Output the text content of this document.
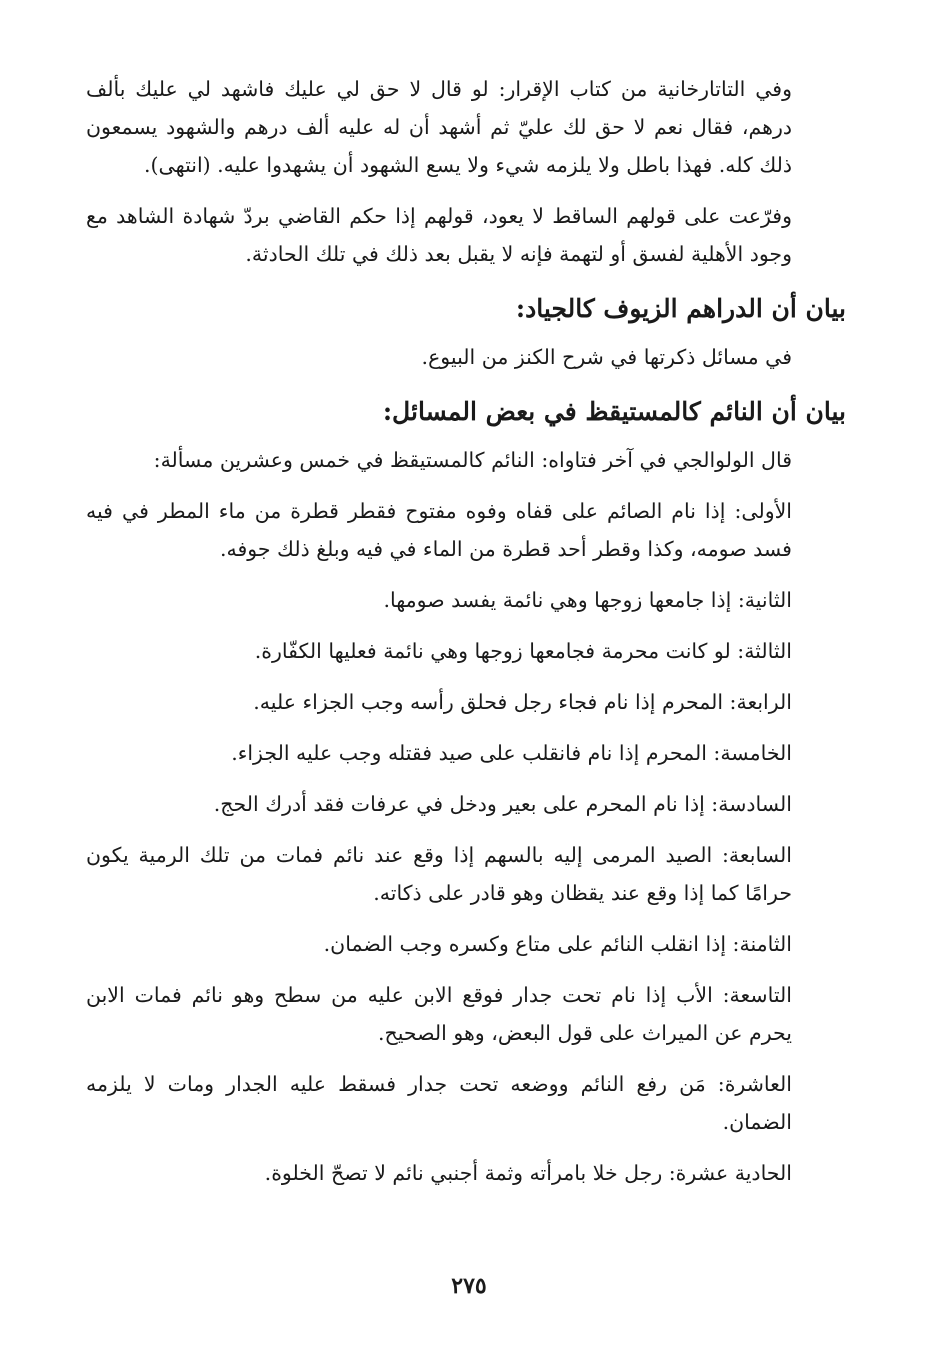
وفي التاتارخانية من كتاب الإقرار: لو قال لا حق لي عليك فاشهد لي عليك بألف درهم، فقال نعم لا حق لك عليّ ثم أشهد أن له عليه ألف درهم والشهود يسمعون ذلك كله. فهذا باطل ولا يلزمه شيء ولا يسع الشهود أن يشهدوا عليه. (انتهى).

وفرّعت على قولهم الساقط لا يعود، قولهم إذا حكم القاضي بردّ شهادة الشاهد مع وجود الأهلية لفسق أو لتهمة فإنه لا يقبل بعد ذلك في تلك الحادثة.

بيان أن الدراهم الزيوف كالجياد:

في مسائل ذكرتها في شرح الكنز من البيوع.

بيان أن النائم كالمستيقظ في بعض المسائل:

قال الولوالجي في آخر فتاواه: النائم كالمستيقظ في خمس وعشرين مسألة:

الأولى: إذا نام الصائم على قفاه وفوه مفتوح فقطر قطرة من ماء المطر في فيه فسد صومه، وكذا وقطر أحد قطرة من الماء في فيه وبلغ ذلك جوفه.

الثانية: إذا جامعها زوجها وهي نائمة يفسد صومها.

الثالثة: لو كانت محرمة فجامعها زوجها وهي نائمة فعليها الكفّارة.

الرابعة: المحرم إذا نام فجاء رجل فحلق رأسه وجب الجزاء عليه.

الخامسة: المحرم إذا نام فانقلب على صيد فقتله وجب عليه الجزاء.

السادسة: إذا نام المحرم على بعير ودخل في عرفات فقد أدرك الحج.

السابعة: الصيد المرمى إليه بالسهم إذا وقع عند نائم فمات من تلك الرمية يكون حرامًا كما إذا وقع عند يقظان وهو قادر على ذكاته.

الثامنة: إذا انقلب النائم على متاع وكسره وجب الضمان.

التاسعة: الأب إذا نام تحت جدار فوقع الابن عليه من سطح وهو نائم فمات الابن يحرم عن الميراث على قول البعض، وهو الصحيح.

العاشرة: مَن رفع النائم ووضعه تحت جدار فسقط عليه الجدار ومات لا يلزمه الضمان.

الحادية عشرة: رجل خلا بامرأته وثمة أجنبي نائم لا تصحّ الخلوة.

٢٧٥
